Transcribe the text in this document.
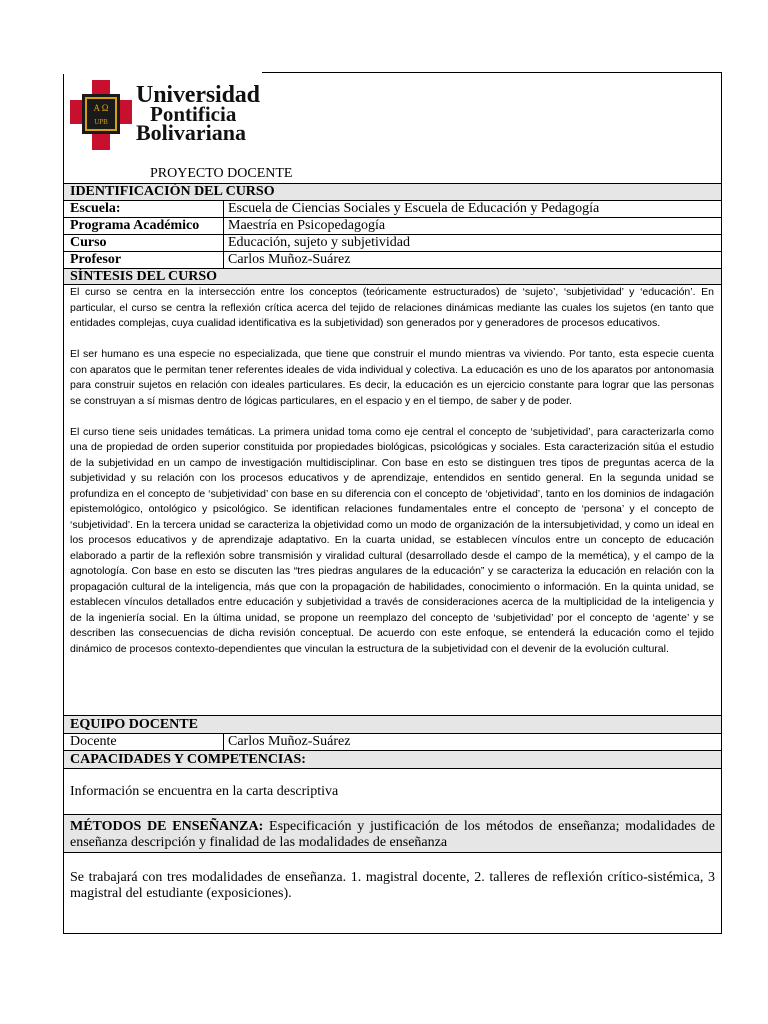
A Ω
UPB
Universidad
Pontificia
Bolivariana
PROYECTO DOCENTE
IDENTIFICACIÓN DEL CURSO
Escuela:	Escuela de Ciencias Sociales y Escuela de Educación y Pedagogía
Programa Académico	Maestría en Psicopedagogía
Curso	Educación, sujeto y subjetividad
Profesor	Carlos Muñoz-Suárez
SÍNTESIS DEL CURSO

El curso se centra en la intersección entre los conceptos (teóricamente estructurados) de ‘sujeto’, ‘subjetividad’ y ‘educación’. En particular, el curso se centra la reflexión crítica acerca del tejido de relaciones dinámicas mediante las cuales los sujetos (en tanto que entidades complejas, cuya cualidad identificativa es la subjetividad) son generados por y generadores de procesos educativos.

El ser humano es una especie no especializada, que tiene que construir el mundo mientras va viviendo. Por tanto, esta especie cuenta con aparatos que le permitan tener referentes ideales de vida individual y colectiva. La educación es uno de los aparatos por antonomasia para construir sujetos en relación con ideales particulares. Es decir, la educación es un ejercicio constante para lograr que las personas se construyan a sí mismas dentro de lógicas particulares, en el espacio y en el tiempo, de saber y de poder.

El curso tiene seis unidades temáticas. La primera unidad toma como eje central el concepto de ‘subjetividad’, para caracterizarla como una de propiedad de orden superior constituida por propiedades biológicas, psicológicas y sociales. Esta caracterización sitúa el estudio de la subjetividad en un campo de investigación multidisciplinar. Con base en esto se distinguen tres tipos de preguntas acerca de la subjetividad y su relación con los procesos educativos y de aprendizaje, entendidos en sentido general. En la segunda unidad se profundiza en el concepto de ‘subjetividad’ con base en su diferencia con el concepto de ‘objetividad’, tanto en los dominios de indagación epistemológico, ontológico y psicológico. Se identifican relaciones fundamentales entre el concepto de ‘persona’ y el concepto de ‘subjetividad’. En la tercera unidad se caracteriza la objetividad como un modo de organización de la intersubjetividad, y como un ideal en los procesos educativos y de aprendizaje adaptativo. En la cuarta unidad, se establecen vínculos entre un concepto de educación elaborado a partir de la reflexión sobre transmisión y viralidad cultural (desarrollado desde el campo de la memética), y el campo de la agnotología. Con base en esto se discuten las “tres piedras angulares de la educación” y se caracteriza la educación en relación con la propagación cultural de la inteligencia, más que con la propagación de habilidades, conocimiento o información. En la quinta unidad, se establecen vínculos detallados entre educación y subjetividad a través de consideraciones acerca de la multiplicidad de la inteligencia y de la ingeniería social. En la última unidad, se propone un reemplazo del concepto de ‘subjetividad’ por el concepto de ‘agente’ y se describen las consecuencias de dicha revisión conceptual. De acuerdo con este enfoque, se entenderá la educación como el tejido dinámico de procesos contexto-dependientes que vinculan la estructura de la subjetividad con el devenir de la evolución cultural.

EQUIPO DOCENTE
Docente	Carlos Muñoz-Suárez
CAPACIDADES Y COMPETENCIAS:
Información se encuentra en la carta descriptiva
MÉTODOS DE ENSEÑANZA: Especificación y justificación de los métodos de enseñanza; modalidades de enseñanza descripción y finalidad de las modalidades de enseñanza
Se trabajará con tres modalidades de enseñanza. 1. magistral docente, 2. talleres de reflexión crítico-sistémica, 3 magistral del estudiante (exposiciones).
